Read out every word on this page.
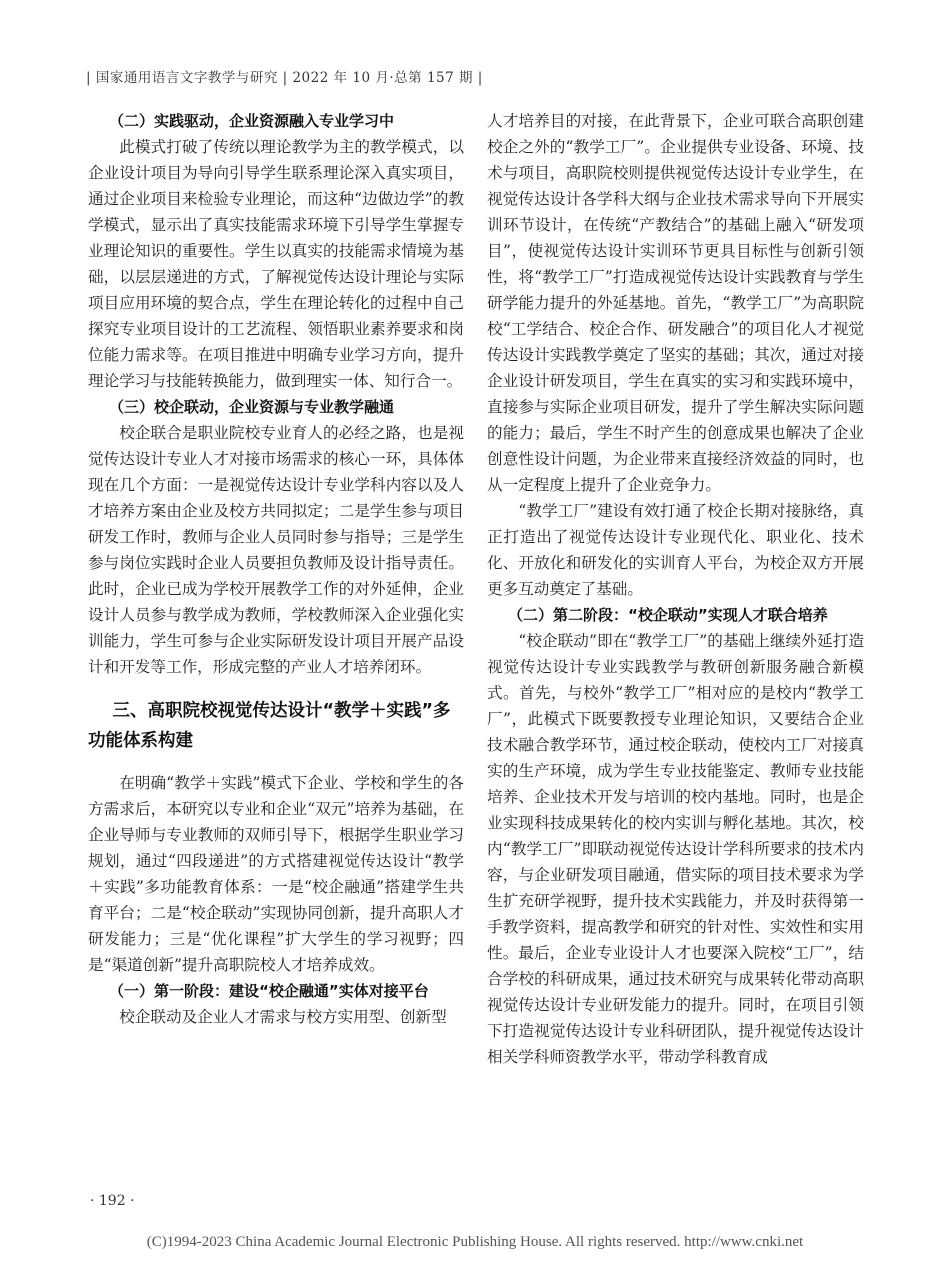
| 国家通用语言文字教学与研究 | 2022 年 10 月·总第 157 期 |

（二）实践驱动，企业资源融入专业学习中

此模式打破了传统以理论教学为主的教学模式，以企业设计项目为导向引导学生联系理论深入真实项目，通过企业项目来检验专业理论，而这种“边做边学”的教学模式，显示出了真实技能需求环境下引导学生掌握专业理论知识的重要性。学生以真实的技能需求情境为基础，以层层递进的方式，了解视觉传达设计理论与实际项目应用环境的契合点，学生在理论转化的过程中自己探究专业项目设计的工艺流程、领悟职业素养要求和岗位能力需求等。在项目推进中明确专业学习方向，提升理论学习与技能转换能力，做到理实一体、知行合一。

（三）校企联动，企业资源与专业教学融通

校企联合是职业院校专业育人的必经之路，也是视觉传达设计专业人才对接市场需求的核心一环，具体体现在几个方面：一是视觉传达设计专业学科内容以及人才培养方案由企业及校方共同拟定；二是学生参与项目研发工作时，教师与企业人员同时参与指导；三是学生参与岗位实践时企业人员要担负教师及设计指导责任。此时，企业已成为学校开展教学工作的对外延伸，企业设计人员参与教学成为教师，学校教师深入企业强化实训能力，学生可参与企业实际研发设计项目开展产品设计和开发等工作，形成完整的产业人才培养闭环。

三、高职院校视觉传达设计“教学＋实践”多功能体系构建

在明确“教学＋实践”模式下企业、学校和学生的各方需求后，本研究以专业和企业“双元”培养为基础，在企业导师与专业教师的双师引导下，根据学生职业学习规划，通过“四段递进”的方式搭建视觉传达设计“教学＋实践”多功能教育体系：一是“校企融通”搭建学生共育平台；二是“校企联动”实现协同创新，提升高职人才研发能力；三是“优化课程”扩大学生的学习视野；四是“渠道创新”提升高职院校人才培养成效。

（一）第一阶段：建设“校企融通”实体对接平台

校企联动及企业人才需求与校方实用型、创新型

人才培养目的对接，在此背景下，企业可联合高职创建校企之外的“教学工厂”。企业提供专业设备、环境、技术与项目，高职院校则提供视觉传达设计专业学生，在视觉传达设计各学科大纲与企业技术需求导向下开展实训环节设计，在传统“产教结合”的基础上融入“研发项目”，使视觉传达设计实训环节更具目标性与创新引领性，将“教学工厂”打造成视觉传达设计实践教育与学生研学能力提升的外延基地。首先，“教学工厂”为高职院校“工学结合、校企合作、研发融合”的项目化人才视觉传达设计实践教学奠定了坚实的基础；其次，通过对接企业设计研发项目，学生在真实的实习和实践环境中，直接参与实际企业项目研发，提升了学生解决实际问题的能力；最后，学生不时产生的创意成果也解决了企业创意性设计问题，为企业带来直接经济效益的同时，也从一定程度上提升了企业竞争力。

“教学工厂”建设有效打通了校企长期对接脉络，真正打造出了视觉传达设计专业现代化、职业化、技术化、开放化和研发化的实训育人平台，为校企双方开展更多互动奠定了基础。

（二）第二阶段：“校企联动”实现人才联合培养

“校企联动”即在“教学工厂”的基础上继续外延打造视觉传达设计专业实践教学与教研创新服务融合新模式。首先，与校外“教学工厂”相对应的是校内“教学工厂”，此模式下既要教授专业理论知识，又要结合企业技术融合教学环节，通过校企联动，使校内工厂对接真实的生产环境，成为学生专业技能鉴定、教师专业技能培养、企业技术开发与培训的校内基地。同时，也是企业实现科技成果转化的校内实训与孵化基地。其次，校内“教学工厂”即联动视觉传达设计学科所要求的技术内容，与企业研发项目融通，借实际的项目技术要求为学生扩充研学视野，提升技术实践能力，并及时获得第一手教学资料，提高教学和研究的针对性、实效性和实用性。最后，企业专业设计人才也要深入院校“工厂”，结合学校的科研成果，通过技术研究与成果转化带动高职视觉传达设计专业研发能力的提升。同时，在项目引领下打造视觉传达设计专业科研团队，提升视觉传达设计相关学科师资教学水平，带动学科教育成

· 192 ·
(C)1994-2023 China Academic Journal Electronic Publishing House. All rights reserved. http://www.cnki.net
